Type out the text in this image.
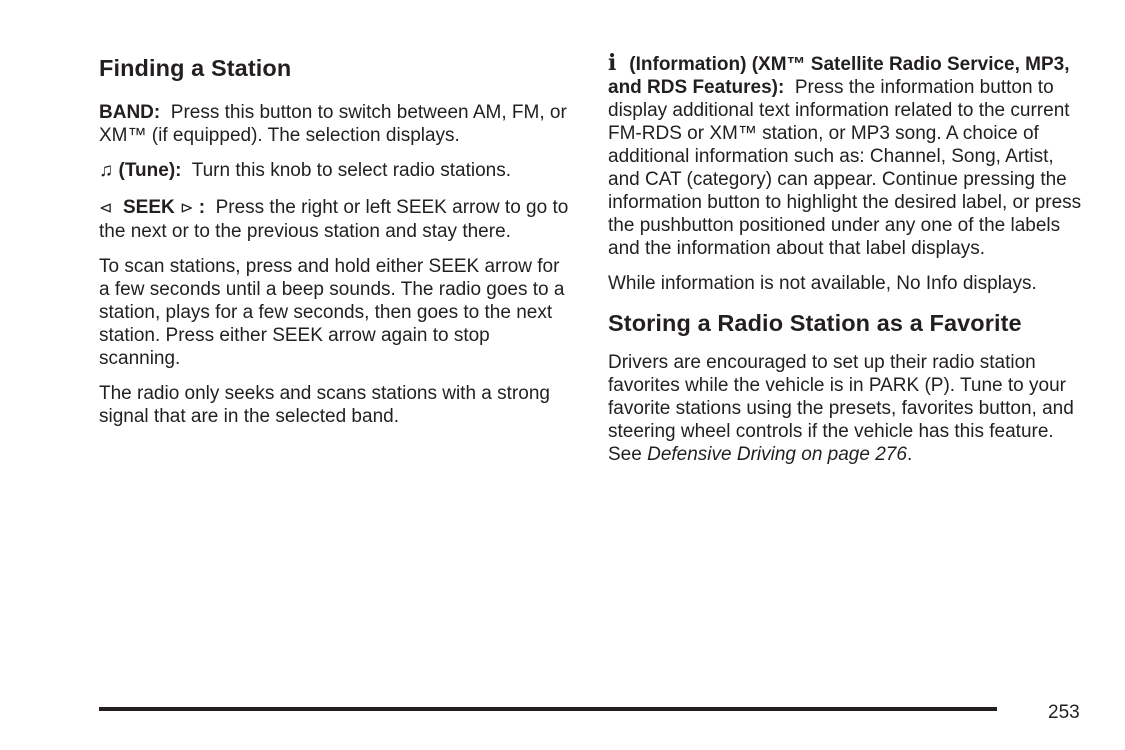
Finding a Station

BAND: Press this button to switch between AM, FM, or XM™ (if equipped). The selection displays.

♫ (Tune): Turn this knob to select radio stations.

⊲ SEEK ⊳ : Press the right or left SEEK arrow to go to the next or to the previous station and stay there.

To scan stations, press and hold either SEEK arrow for a few seconds until a beep sounds. The radio goes to a station, plays for a few seconds, then goes to the next station. Press either SEEK arrow again to stop scanning.

The radio only seeks and scans stations with a strong signal that are in the selected band.

i (Information) (XM™ Satellite Radio Service, MP3, and RDS Features): Press the information button to display additional text information related to the current FM-RDS or XM™ station, or MP3 song. A choice of additional information such as: Channel, Song, Artist, and CAT (category) can appear. Continue pressing the information button to highlight the desired label, or press the pushbutton positioned under any one of the labels and the information about that label displays.

While information is not available, No Info displays.

Storing a Radio Station as a Favorite

Drivers are encouraged to set up their radio station favorites while the vehicle is in PARK (P). Tune to your favorite stations using the presets, favorites button, and steering wheel controls if the vehicle has this feature. See Defensive Driving on page 276.

253
